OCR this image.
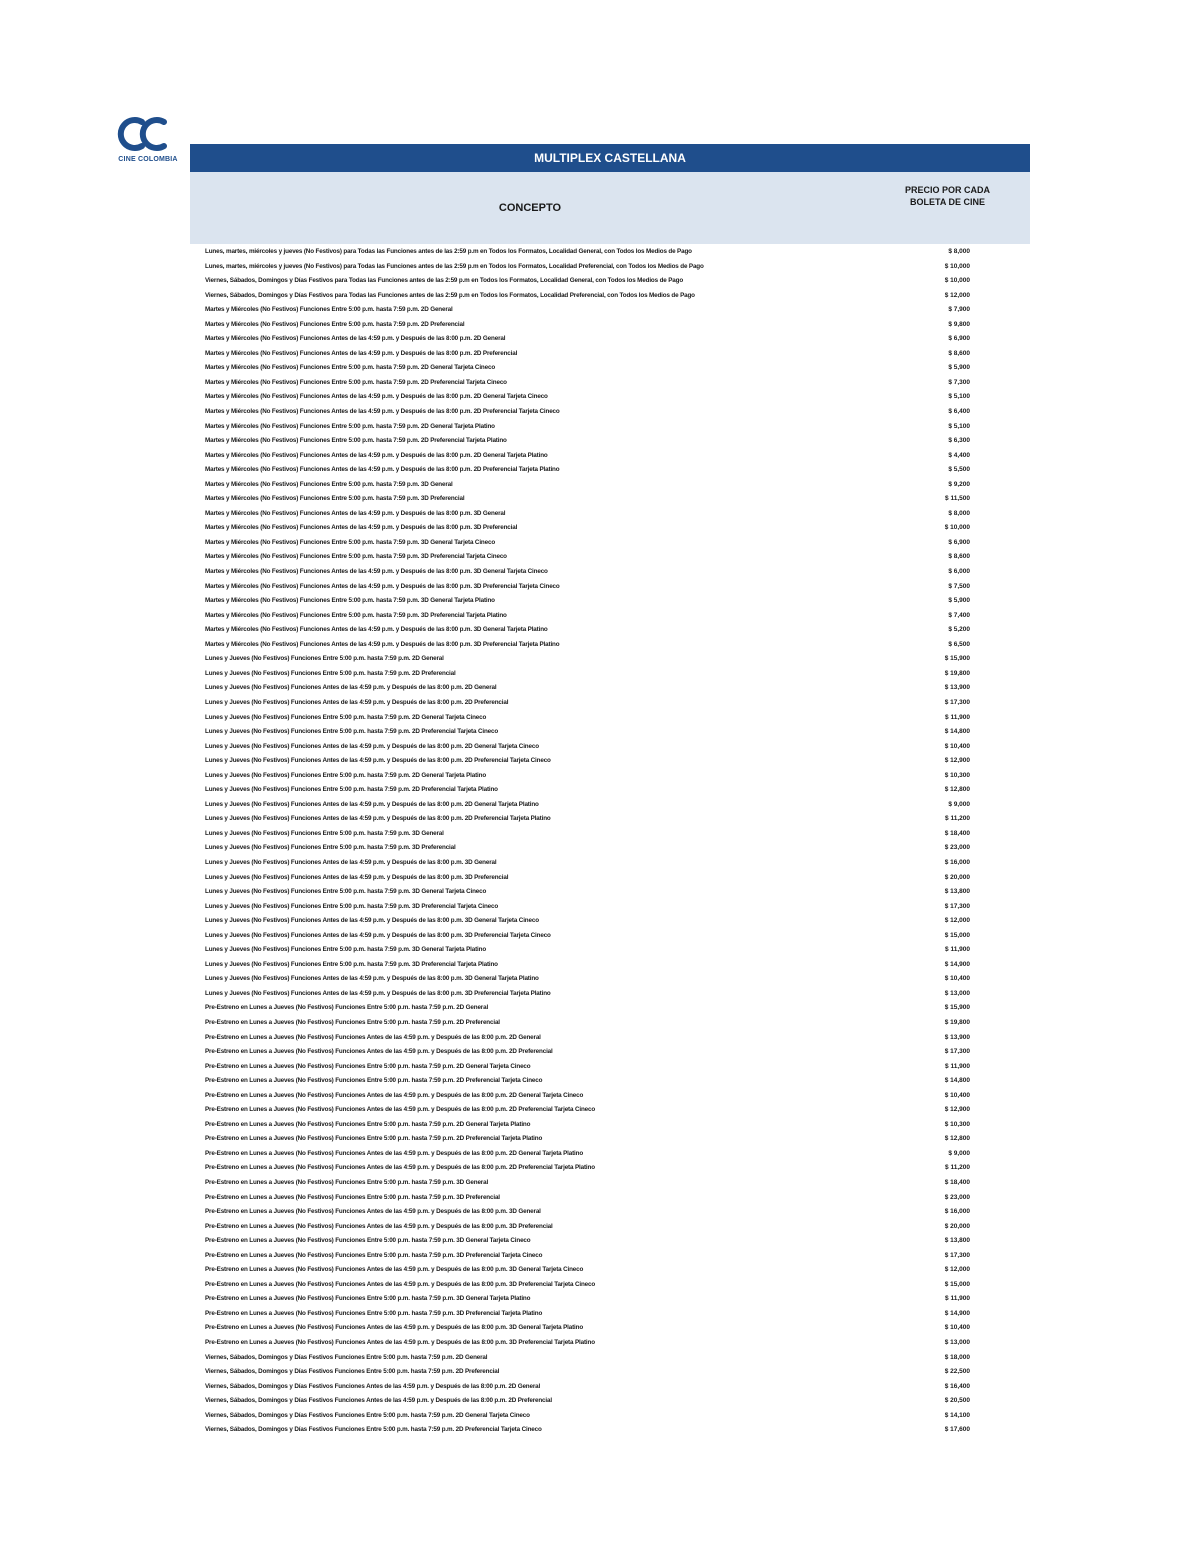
CINE COLOMBIA	MULTIPLEX CASTELLANA
CONCEPTO
PRECIO POR CADA
BOLETA DE CINE
Lunes, martes, miércoles y jueves (No Festivos) para Todas las Funciones antes de las 2:59 p.m en Todos los Formatos, Localidad General, con Todos los Medios de Pago	$ 8,000
Lunes, martes, miércoles y jueves (No Festivos) para Todas las Funciones antes de las 2:59 p.m en Todos los Formatos, Localidad Preferencial, con Todos los Medios de Pago	$ 10,000
Viernes, Sábados, Domingos y Días Festivos para Todas las Funciones antes de las 2:59 p.m en Todos los Formatos, Localidad General, con Todos los Medios de Pago	$ 10,000
Viernes, Sábados, Domingos y Días Festivos para Todas las Funciones antes de las 2:59 p.m en Todos los Formatos, Localidad Preferencial, con Todos los Medios de Pago	$ 12,000
Martes y Miércoles (No Festivos) Funciones Entre 5:00 p.m. hasta 7:59 p.m. 2D General	$ 7,900
Martes y Miércoles (No Festivos) Funciones Entre 5:00 p.m. hasta 7:59 p.m. 2D Preferencial	$ 9,800
Martes y Miércoles (No Festivos) Funciones Antes de las 4:59 p.m. y Después de las 8:00 p.m. 2D General	$ 6,900
Martes y Miércoles (No Festivos) Funciones Antes de las 4:59 p.m. y Después de las 8:00 p.m. 2D Preferencial	$ 8,600
Martes y Miércoles (No Festivos) Funciones Entre 5:00 p.m. hasta 7:59 p.m. 2D General Tarjeta Cineco	$ 5,900
Martes y Miércoles (No Festivos) Funciones Entre 5:00 p.m. hasta 7:59 p.m. 2D Preferencial Tarjeta Cineco	$ 7,300
Martes y Miércoles (No Festivos) Funciones Antes de las 4:59 p.m. y Después de las 8:00 p.m. 2D General Tarjeta Cineco	$ 5,100
Martes y Miércoles (No Festivos) Funciones Antes de las 4:59 p.m. y Después de las 8:00 p.m. 2D Preferencial Tarjeta Cineco	$ 6,400
Martes y Miércoles (No Festivos) Funciones Entre 5:00 p.m. hasta 7:59 p.m. 2D General Tarjeta Platino	$ 5,100
Martes y Miércoles (No Festivos) Funciones Entre 5:00 p.m. hasta 7:59 p.m. 2D Preferencial Tarjeta Platino	$ 6,300
Martes y Miércoles (No Festivos) Funciones Antes de las 4:59 p.m. y Después de las 8:00 p.m. 2D General Tarjeta Platino	$ 4,400
Martes y Miércoles (No Festivos) Funciones Antes de las 4:59 p.m. y Después de las 8:00 p.m. 2D Preferencial Tarjeta Platino	$ 5,500
Martes y Miércoles (No Festivos) Funciones Entre 5:00 p.m. hasta 7:59 p.m. 3D General	$ 9,200
Martes y Miércoles (No Festivos) Funciones Entre 5:00 p.m. hasta 7:59 p.m. 3D Preferencial	$ 11,500
Martes y Miércoles (No Festivos) Funciones Antes de las 4:59 p.m. y Después de las 8:00 p.m. 3D General	$ 8,000
Martes y Miércoles (No Festivos) Funciones Antes de las 4:59 p.m. y Después de las 8:00 p.m. 3D Preferencial	$ 10,000
Martes y Miércoles (No Festivos) Funciones Entre 5:00 p.m. hasta 7:59 p.m. 3D General Tarjeta Cineco	$ 6,900
Martes y Miércoles (No Festivos) Funciones Entre 5:00 p.m. hasta 7:59 p.m. 3D Preferencial Tarjeta Cineco	$ 8,600
Martes y Miércoles (No Festivos) Funciones Antes de las 4:59 p.m. y Después de las 8:00 p.m. 3D General Tarjeta Cineco	$ 6,000
Martes y Miércoles (No Festivos) Funciones Antes de las 4:59 p.m. y Después de las 8:00 p.m. 3D Preferencial Tarjeta Cineco	$ 7,500
Martes y Miércoles (No Festivos) Funciones Entre 5:00 p.m. hasta 7:59 p.m. 3D General Tarjeta Platino	$ 5,900
Martes y Miércoles (No Festivos) Funciones Entre 5:00 p.m. hasta 7:59 p.m. 3D Preferencial Tarjeta Platino	$ 7,400
Martes y Miércoles (No Festivos) Funciones Antes de las 4:59 p.m. y Después de las 8:00 p.m. 3D General Tarjeta Platino	$ 5,200
Martes y Miércoles (No Festivos) Funciones Antes de las 4:59 p.m. y Después de las 8:00 p.m. 3D Preferencial Tarjeta Platino	$ 6,500
Lunes y Jueves (No Festivos) Funciones Entre 5:00 p.m. hasta 7:59 p.m. 2D General	$ 15,900
Lunes y Jueves (No Festivos) Funciones Entre 5:00 p.m. hasta 7:59 p.m. 2D Preferencial	$ 19,800
Lunes y Jueves (No Festivos) Funciones Antes de las 4:59 p.m. y Después de las 8:00 p.m. 2D General	$ 13,900
Lunes y Jueves (No Festivos) Funciones Antes de las 4:59 p.m. y Después de las 8:00 p.m. 2D Preferencial	$ 17,300
Lunes y Jueves (No Festivos) Funciones Entre 5:00 p.m. hasta 7:59 p.m. 2D General Tarjeta Cineco	$ 11,900
Lunes y Jueves (No Festivos) Funciones Entre 5:00 p.m. hasta 7:59 p.m. 2D Preferencial Tarjeta Cineco	$ 14,800
Lunes y Jueves (No Festivos) Funciones Antes de las 4:59 p.m. y Después de las 8:00 p.m. 2D General Tarjeta Cineco	$ 10,400
Lunes y Jueves (No Festivos) Funciones Antes de las 4:59 p.m. y Después de las 8:00 p.m. 2D Preferencial Tarjeta Cineco	$ 12,900
Lunes y Jueves (No Festivos) Funciones Entre 5:00 p.m. hasta 7:59 p.m. 2D General Tarjeta Platino	$ 10,300
Lunes y Jueves (No Festivos) Funciones Entre 5:00 p.m. hasta 7:59 p.m. 2D Preferencial Tarjeta Platino	$ 12,800
Lunes y Jueves (No Festivos) Funciones Antes de las 4:59 p.m. y Después de las 8:00 p.m. 2D General Tarjeta Platino	$ 9,000
Lunes y Jueves (No Festivos) Funciones Antes de las 4:59 p.m. y Después de las 8:00 p.m. 2D Preferencial Tarjeta Platino	$ 11,200
Lunes y Jueves (No Festivos) Funciones Entre 5:00 p.m. hasta 7:59 p.m. 3D General	$ 18,400
Lunes y Jueves (No Festivos) Funciones Entre 5:00 p.m. hasta 7:59 p.m. 3D Preferencial	$ 23,000
Lunes y Jueves (No Festivos) Funciones Antes de las 4:59 p.m. y Después de las 8:00 p.m. 3D General	$ 16,000
Lunes y Jueves (No Festivos) Funciones Antes de las 4:59 p.m. y Después de las 8:00 p.m. 3D Preferencial	$ 20,000
Lunes y Jueves (No Festivos) Funciones Entre 5:00 p.m. hasta 7:59 p.m. 3D General Tarjeta Cineco	$ 13,800
Lunes y Jueves (No Festivos) Funciones Entre 5:00 p.m. hasta 7:59 p.m. 3D Preferencial Tarjeta Cineco	$ 17,300
Lunes y Jueves (No Festivos) Funciones Antes de las 4:59 p.m. y Después de las 8:00 p.m. 3D General Tarjeta Cineco	$ 12,000
Lunes y Jueves (No Festivos) Funciones Antes de las 4:59 p.m. y Después de las 8:00 p.m. 3D Preferencial Tarjeta Cineco	$ 15,000
Lunes y Jueves (No Festivos) Funciones Entre 5:00 p.m. hasta 7:59 p.m. 3D General Tarjeta Platino	$ 11,900
Lunes y Jueves (No Festivos) Funciones Entre 5:00 p.m. hasta 7:59 p.m. 3D Preferencial Tarjeta Platino	$ 14,900
Lunes y Jueves (No Festivos) Funciones Antes de las 4:59 p.m. y Después de las 8:00 p.m. 3D General Tarjeta Platino	$ 10,400
Lunes y Jueves (No Festivos) Funciones Antes de las 4:59 p.m. y Después de las 8:00 p.m. 3D Preferencial Tarjeta Platino	$ 13,000
Pre-Estreno en Lunes a Jueves (No Festivos) Funciones Entre 5:00 p.m. hasta 7:59 p.m. 2D General	$ 15,900
Pre-Estreno en Lunes a Jueves (No Festivos) Funciones Entre 5:00 p.m. hasta 7:59 p.m. 2D Preferencial	$ 19,800
Pre-Estreno en Lunes a Jueves (No Festivos) Funciones Antes de las 4:59 p.m. y Después de las 8:00 p.m. 2D General	$ 13,900
Pre-Estreno en Lunes a Jueves (No Festivos) Funciones Antes de las 4:59 p.m. y Después de las 8:00 p.m. 2D Preferencial	$ 17,300
Pre-Estreno en Lunes a Jueves (No Festivos) Funciones Entre 5:00 p.m. hasta 7:59 p.m. 2D General Tarjeta Cineco	$ 11,900
Pre-Estreno en Lunes a Jueves (No Festivos) Funciones Entre 5:00 p.m. hasta 7:59 p.m. 2D Preferencial Tarjeta Cineco	$ 14,800
Pre-Estreno en Lunes a Jueves (No Festivos) Funciones Antes de las 4:59 p.m. y Después de las 8:00 p.m. 2D General Tarjeta Cineco	$ 10,400
Pre-Estreno en Lunes a Jueves (No Festivos) Funciones Antes de las 4:59 p.m. y Después de las 8:00 p.m. 2D Preferencial Tarjeta Cineco	$ 12,900
Pre-Estreno en Lunes a Jueves (No Festivos) Funciones Entre 5:00 p.m. hasta 7:59 p.m. 2D General Tarjeta Platino	$ 10,300
Pre-Estreno en Lunes a Jueves (No Festivos) Funciones Entre 5:00 p.m. hasta 7:59 p.m. 2D Preferencial Tarjeta Platino	$ 12,800
Pre-Estreno en Lunes a Jueves (No Festivos) Funciones Antes de las 4:59 p.m. y Después de las 8:00 p.m. 2D General Tarjeta Platino	$ 9,000
Pre-Estreno en Lunes a Jueves (No Festivos) Funciones Antes de las 4:59 p.m. y Después de las 8:00 p.m. 2D Preferencial Tarjeta Platino	$ 11,200
Pre-Estreno en Lunes a Jueves (No Festivos) Funciones Entre 5:00 p.m. hasta 7:59 p.m. 3D General	$ 18,400
Pre-Estreno en Lunes a Jueves (No Festivos) Funciones Entre 5:00 p.m. hasta 7:59 p.m. 3D Preferencial	$ 23,000
Pre-Estreno en Lunes a Jueves (No Festivos) Funciones Antes de las 4:59 p.m. y Después de las 8:00 p.m. 3D General	$ 16,000
Pre-Estreno en Lunes a Jueves (No Festivos) Funciones Antes de las 4:59 p.m. y Después de las 8:00 p.m. 3D Preferencial	$ 20,000
Pre-Estreno en Lunes a Jueves (No Festivos) Funciones Entre 5:00 p.m. hasta 7:59 p.m. 3D General Tarjeta Cineco	$ 13,800
Pre-Estreno en Lunes a Jueves (No Festivos) Funciones Entre 5:00 p.m. hasta 7:59 p.m. 3D Preferencial Tarjeta Cineco	$ 17,300
Pre-Estreno en Lunes a Jueves (No Festivos) Funciones Antes de las 4:59 p.m. y Después de las 8:00 p.m. 3D General Tarjeta Cineco	$ 12,000
Pre-Estreno en Lunes a Jueves (No Festivos) Funciones Antes de las 4:59 p.m. y Después de las 8:00 p.m. 3D Preferencial Tarjeta Cineco	$ 15,000
Pre-Estreno en Lunes a Jueves (No Festivos) Funciones Entre 5:00 p.m. hasta 7:59 p.m. 3D General Tarjeta Platino	$ 11,900
Pre-Estreno en Lunes a Jueves (No Festivos) Funciones Entre 5:00 p.m. hasta 7:59 p.m. 3D Preferencial Tarjeta Platino	$ 14,900
Pre-Estreno en Lunes a Jueves (No Festivos) Funciones Antes de las 4:59 p.m. y Después de las 8:00 p.m. 3D General Tarjeta Platino	$ 10,400
Pre-Estreno en Lunes a Jueves (No Festivos) Funciones Antes de las 4:59 p.m. y Después de las 8:00 p.m. 3D Preferencial Tarjeta Platino	$ 13,000
Viernes, Sábados, Domingos y Días Festivos Funciones Entre 5:00 p.m. hasta 7:59 p.m. 2D General	$ 18,000
Viernes, Sábados, Domingos y Días Festivos Funciones Entre 5:00 p.m. hasta 7:59 p.m. 2D Preferencial	$ 22,500
Viernes, Sábados, Domingos y Días Festivos Funciones Antes de las 4:59 p.m. y Después de las 8:00 p.m. 2D General	$ 16,400
Viernes, Sábados, Domingos y Días Festivos Funciones Antes de las 4:59 p.m. y Después de las 8:00 p.m. 2D Preferencial	$ 20,500
Viernes, Sábados, Domingos y Días Festivos Funciones Entre 5:00 p.m. hasta 7:59 p.m. 2D General Tarjeta Cineco	$ 14,100
Viernes, Sábados, Domingos y Días Festivos Funciones Entre 5:00 p.m. hasta 7:59 p.m. 2D Preferencial Tarjeta Cineco	$ 17,600
